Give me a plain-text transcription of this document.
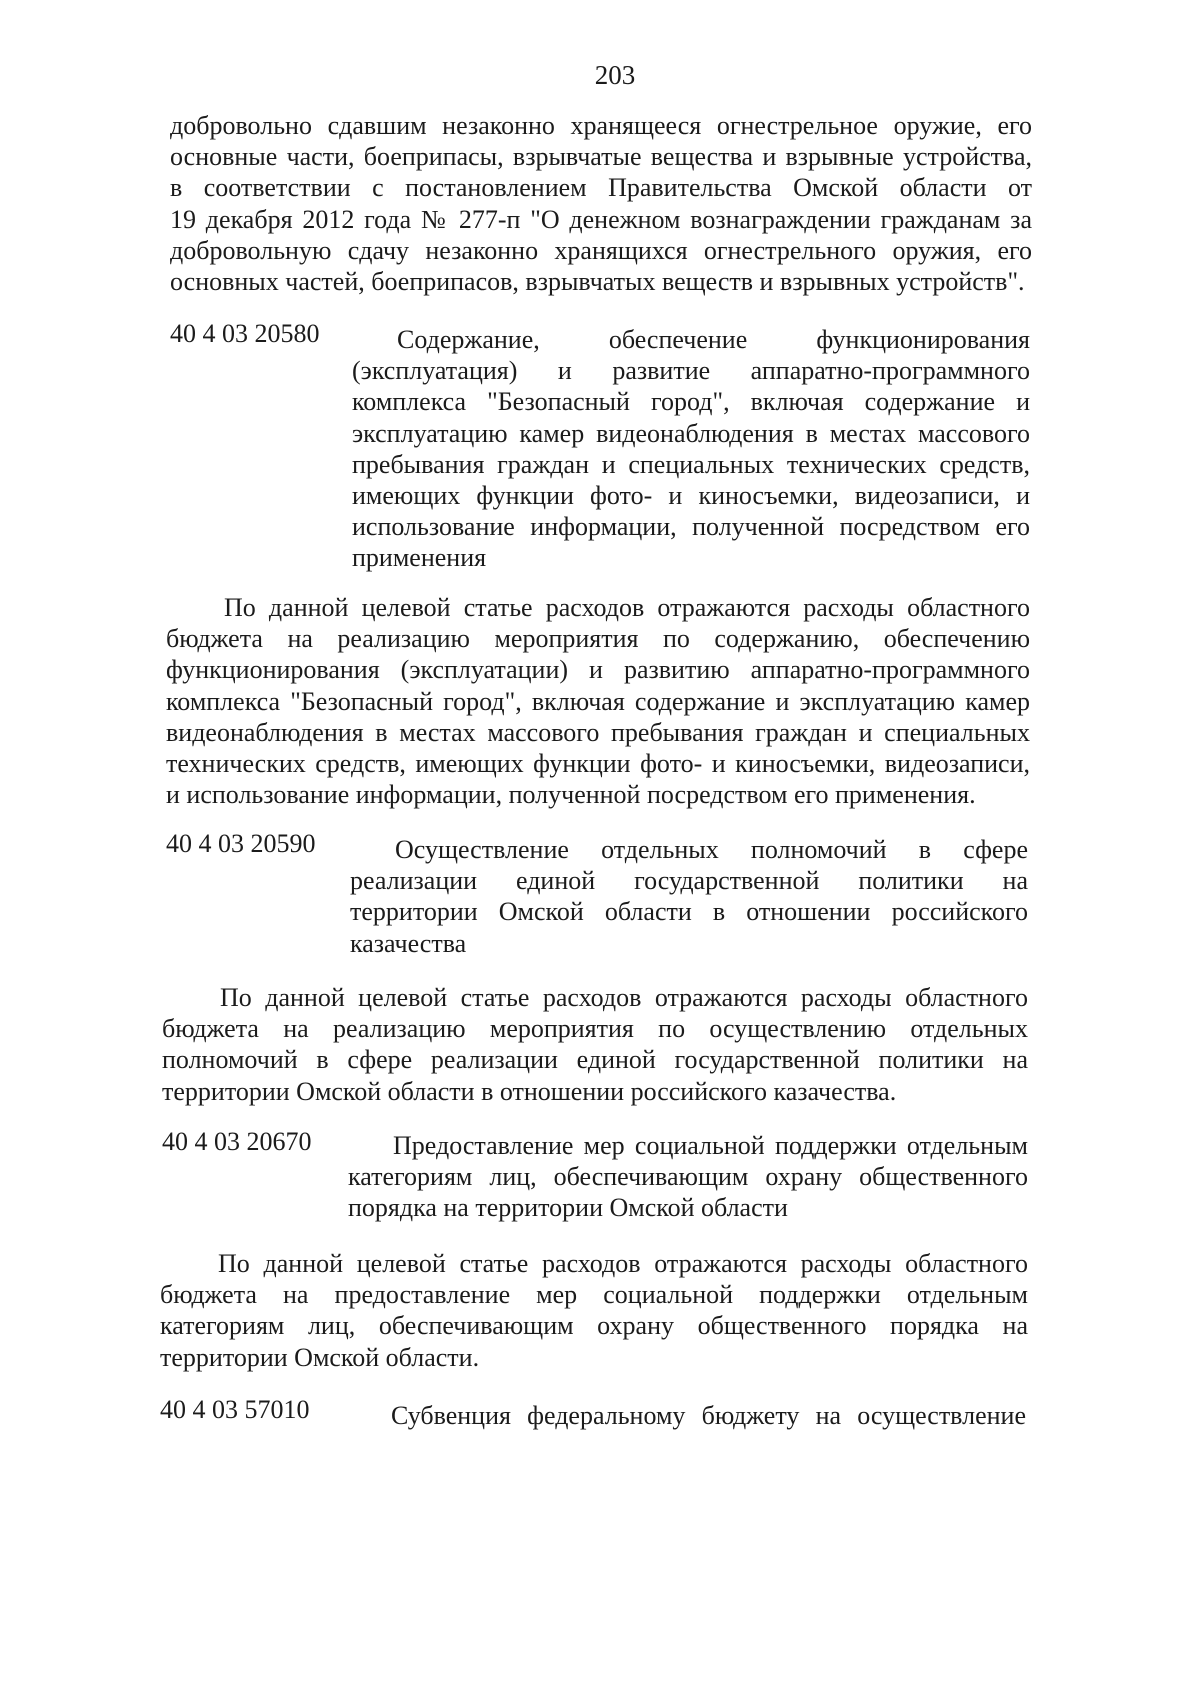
203
добровольно сдавшим незаконно хранящееся огнестрельное оружие, его
основные части, боеприпасы, взрывчатые вещества и взрывные устройства,
в соответствии с постановлением Правительства Омской области от
19 декабря 2012 года № 277-п "О денежном вознаграждении гражданам за
добровольную сдачу незаконно хранящихся огнестрельного оружия, его
основных частей, боеприпасов, взрывчатых веществ и взрывных устройств".
40 4 03 20580	Содержание, обеспечение функционирования
(эксплуатация) и развитие аппаратно-программного
комплекса "Безопасный город", включая содержание и
эксплуатацию камер видеонаблюдения в местах массового
пребывания граждан и специальных технических средств,
имеющих функции фото- и киносъемки, видеозаписи, и
использование информации, полученной посредством его
применения
По данной целевой статье расходов отражаются расходы областного
бюджета на реализацию мероприятия по содержанию, обеспечению
функционирования (эксплуатации) и развитию аппаратно-программного
комплекса "Безопасный город", включая содержание и эксплуатацию камер
видеонаблюдения в местах массового пребывания граждан и специальных
технических средств, имеющих функции фото- и киносъемки, видеозаписи,
и использование информации, полученной посредством его применения.
40 4 03 20590	Осуществление отдельных полномочий в сфере
реализации единой государственной политики на
территории Омской области в отношении российского
казачества
По данной целевой статье расходов отражаются расходы областного
бюджета на реализацию мероприятия по осуществлению отдельных
полномочий в сфере реализации единой государственной политики на
территории Омской области в отношении российского казачества.
40 4 03 20670	Предоставление мер социальной поддержки отдельным
категориям лиц, обеспечивающим охрану общественного
порядка на территории Омской области
По данной целевой статье расходов отражаются расходы областного
бюджета на предоставление мер социальной поддержки отдельным
категориям лиц, обеспечивающим охрану общественного порядка на
территории Омской области.
40 4 03 57010	Субвенция федеральному бюджету на осуществление
